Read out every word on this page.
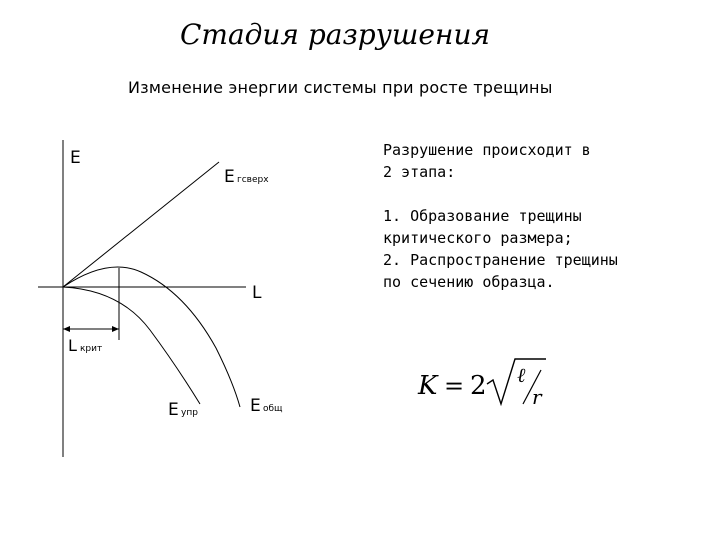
Стадия разрушения
Изменение энергии системы при росте трещины
Разрушение происходит в
2 этапа:
1. Образование трещины
критического размера;
2. Распространение трещины
по сечению образца.
E
L
L крит
E гсверх
E упр	E общ
K = 2 ℓ
r
